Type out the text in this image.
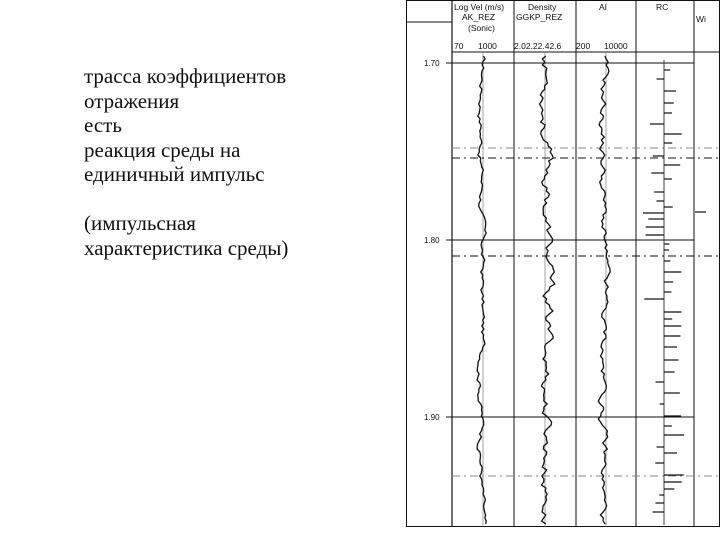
трасса коэффициентов
отражения
есть
реакция среды на
единичный импульс
(импульсная
характеристика среды)
Log Vel (m/s)
AK_REZ
(Sonic)
70 1000
Density
GGKP_REZ
2.02.22.42.6
AI
200 10000
RC
Wi
1.70
1.80
1.90
